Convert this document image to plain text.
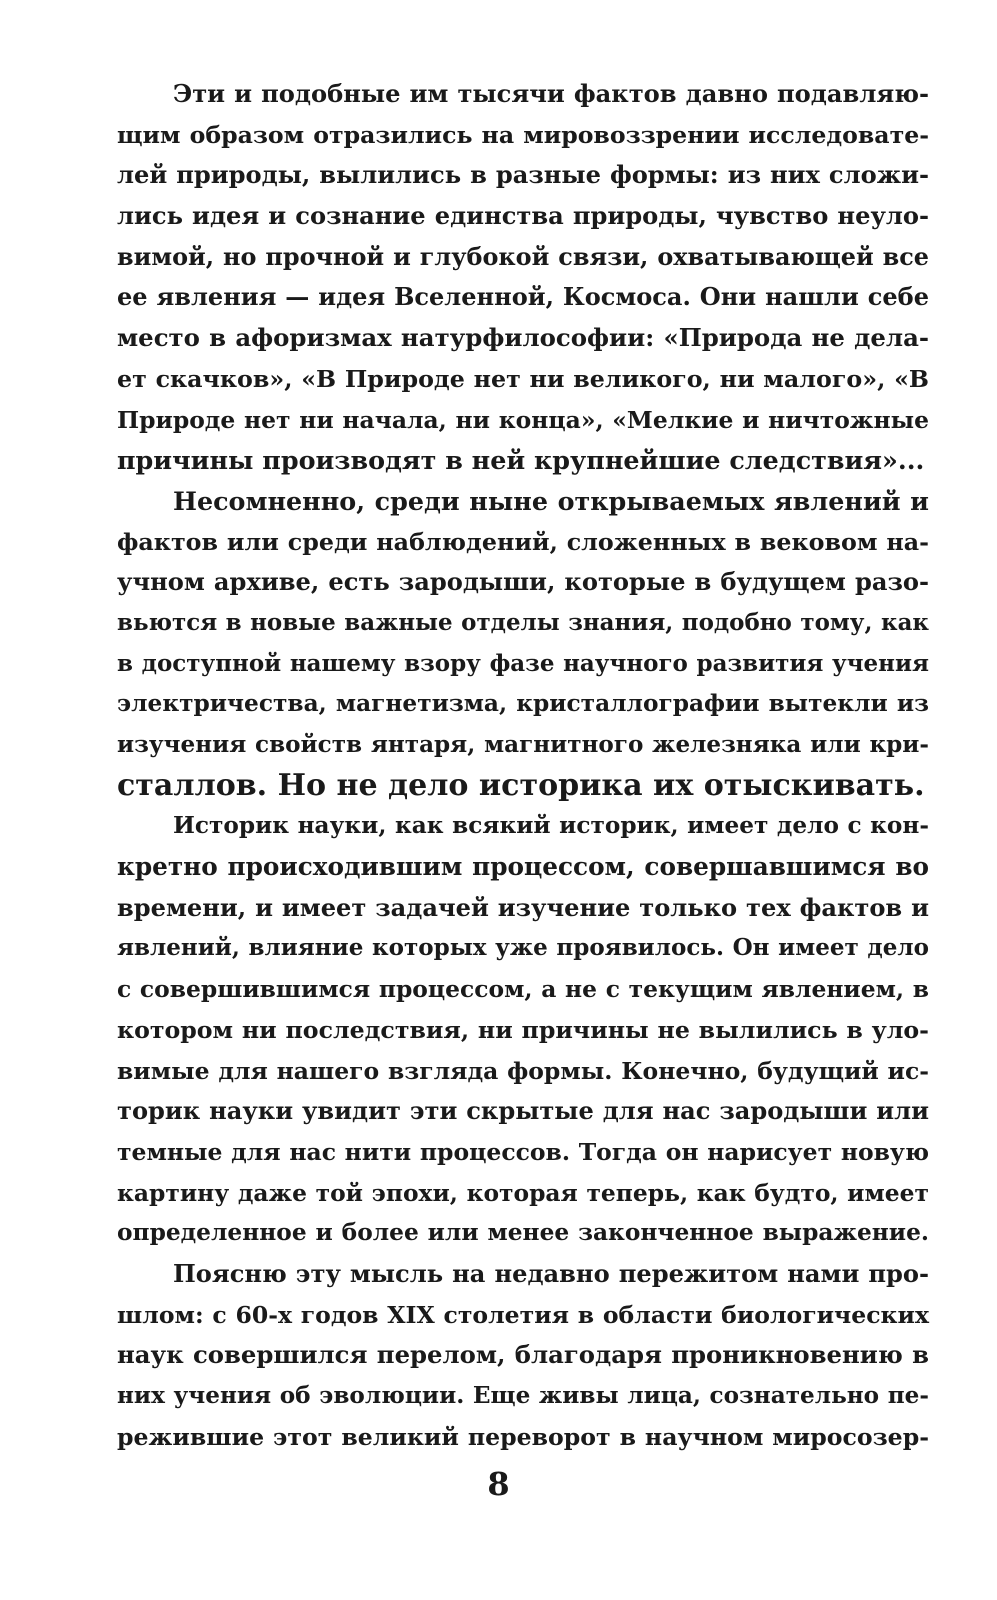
Эти и подобные им тысячи фактов давно подавляю-
щим образом отразились на мировоззрении исследовате-
лей природы, вылились в разные формы: из них сложи-
лись идея и сознание единства природы, чувство неуло-
вимой, но прочной и глубокой связи, охватывающей все
ее явления — идея Вселенной, Космоса. Они нашли себе
место в афоризмах натурфилософии: «Природа не дела-
ет скачков», «В Природе нет ни великого, ни малого», «В
Природе нет ни начала, ни конца», «Мелкие и ничтожные
причины производят в ней крупнейшие следствия»...
Несомненно, среди ныне открываемых явлений и
фактов или среди наблюдений, сложенных в вековом на-
учном архиве, есть зародыши, которые в будущем разо-
вьются в новые важные отделы знания, подобно тому, как
в доступной нашему взору фазе научного развития учения
электричества, магнетизма, кристаллографии вытекли из
изучения свойств янтаря, магнитного железняка или кри-
сталлов. Но не дело историка их отыскивать.
Историк науки, как всякий историк, имеет дело с кон-
кретно происходившим процессом, совершавшимся во
времени, и имеет задачей изучение только тех фактов и
явлений, влияние которых уже проявилось. Он имеет дело
с совершившимся процессом, а не с текущим явлением, в
котором ни последствия, ни причины не вылились в уло-
вимые для нашего взгляда формы. Конечно, будущий ис-
торик науки увидит эти скрытые для нас зародыши или
темные для нас нити процессов. Тогда он нарисует новую
картину даже той эпохи, которая теперь, как будто, имеет
определенное и более или менее законченное выражение.
Поясню эту мысль на недавно пережитом нами про-
шлом: с 60-х годов XIX столетия в области биологических
наук совершился перелом, благодаря проникновению в
них учения об эволюции. Еще живы лица, сознательно пе-
режившие этот великий переворот в научном миросозер-
8
